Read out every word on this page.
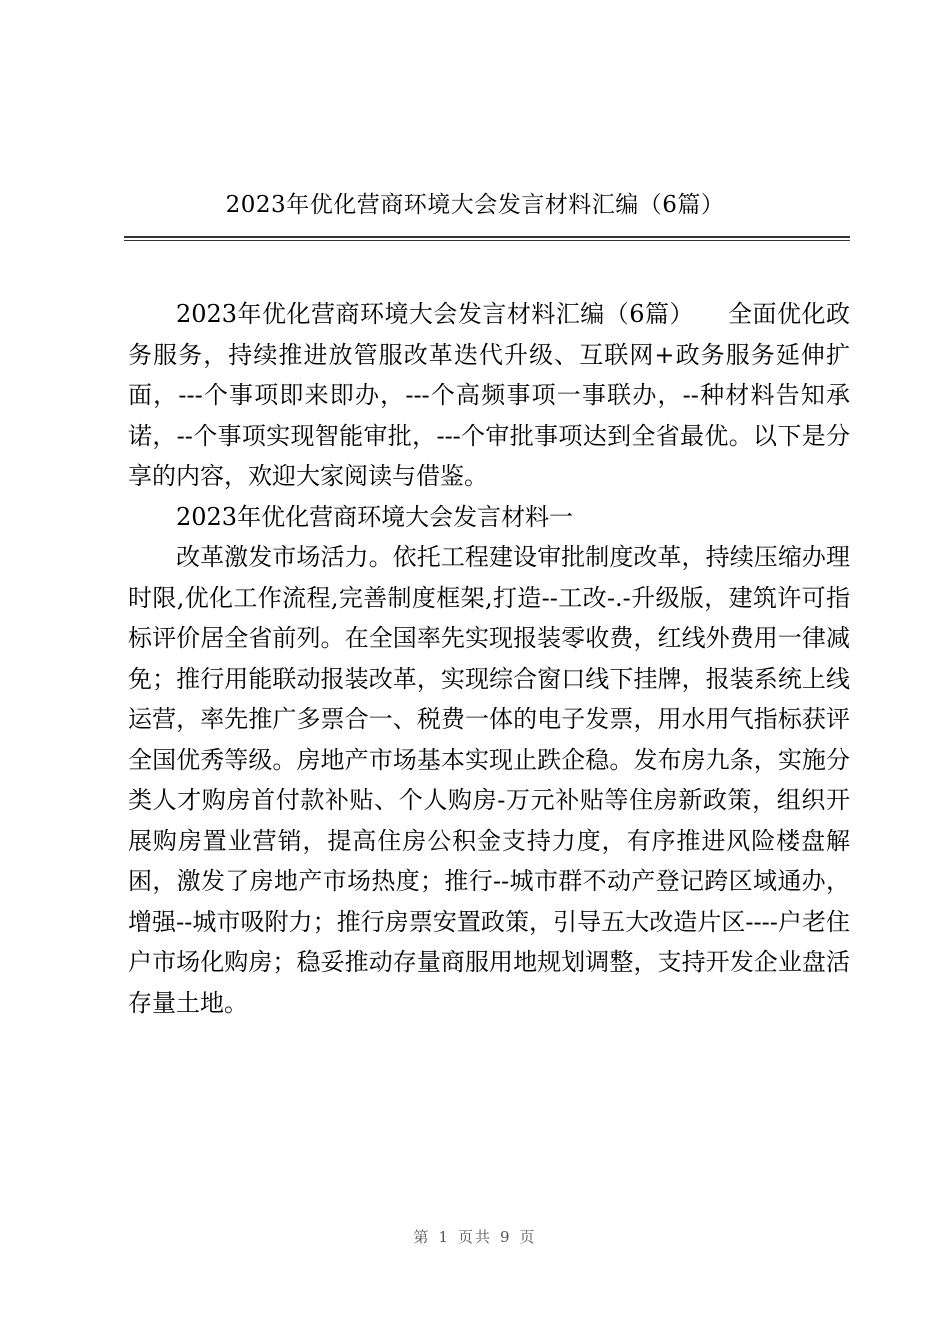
2023年优化营商环境大会发言材料汇编（6篇）

2023年优化营商环境大会发言材料汇编（6篇） 全面优化政务服务，持续推进放管服改革迭代升级、互联网+政务服务延伸扩面，---个事项即来即办，---个高频事项一事联办，--种材料告知承诺，--个事项实现智能审批，---个审批事项达到全省最优。以下是分享的内容，欢迎大家阅读与借鉴。

2023年优化营商环境大会发言材料一

改革激发市场活力。依托工程建设审批制度改革，持续压缩办理时限,优化工作流程,完善制度框架,打造--工改-.-升级版，建筑许可指标评价居全省前列。在全国率先实现报装零收费，红线外费用一律减免；推行用能联动报装改革，实现综合窗口线下挂牌，报装系统上线运营，率先推广多票合一、税费一体的电子发票，用水用气指标获评全国优秀等级。房地产市场基本实现止跌企稳。发布房九条，实施分类人才购房首付款补贴、个人购房-万元补贴等住房新政策，组织开展购房置业营销，提高住房公积金支持力度，有序推进风险楼盘解困，激发了房地产市场热度；推行--城市群不动产登记跨区域通办，增强--城市吸附力；推行房票安置政策，引导五大改造片区----户老住户市场化购房；稳妥推动存量商服用地规划调整，支持开发企业盘活存量土地。

第 1 页共 9 页
